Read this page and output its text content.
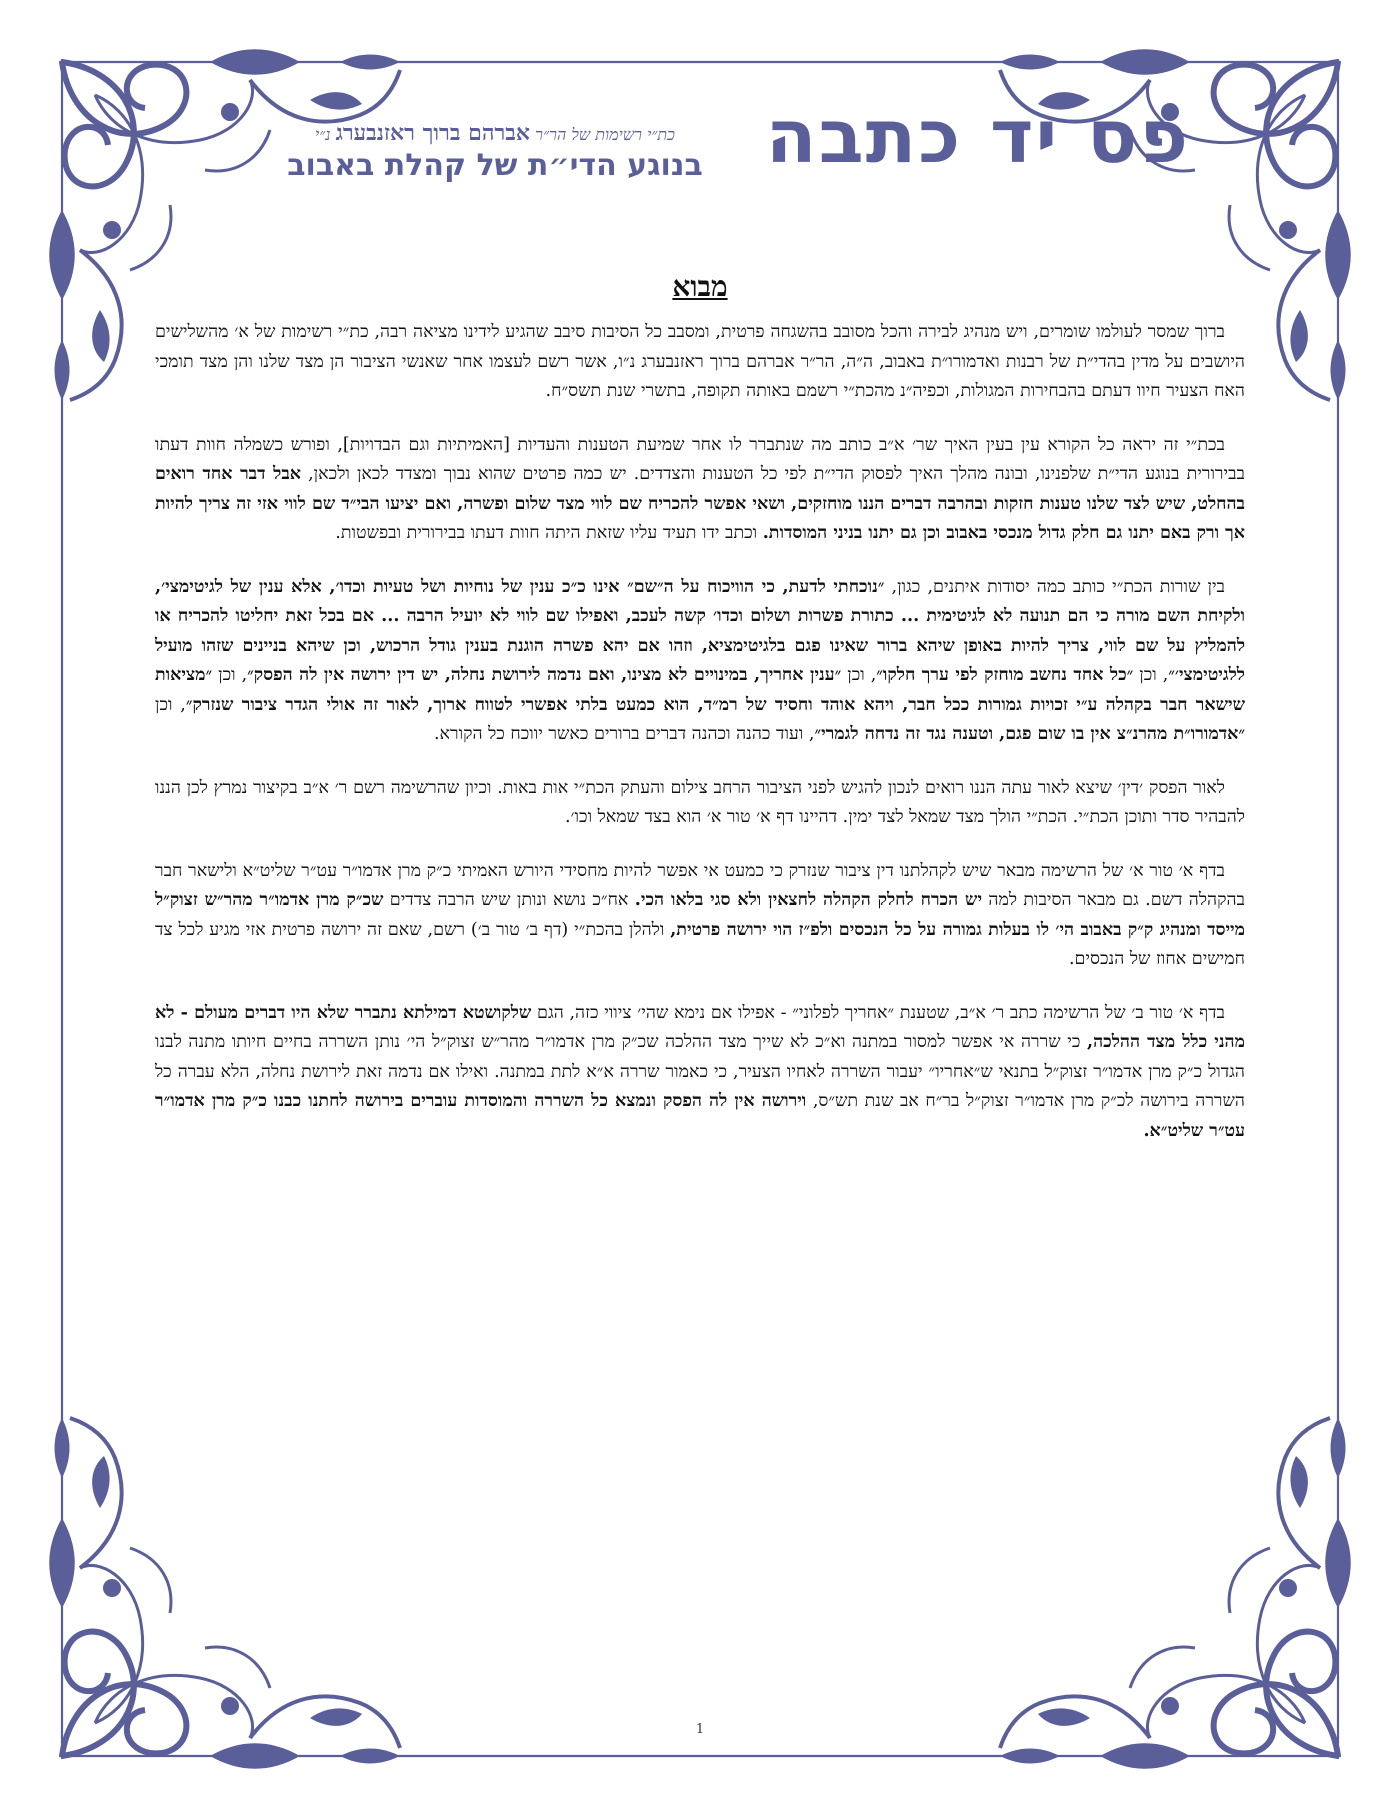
פס יד כתבה
כת״י רשימות של הר״ר אברהם ברוך ראזנבערג נ״י
בנוגע הדי״ת של קהלת באבוב
מבוא

ברוך שמסר לעולמו שומרים, ויש מנהיג לבירה והכל מסובב בהשגחה פרטית, ומסבב כל הסיבות סיבב שהגיע לידינו מציאה רבה, כת״י רשימות של א׳ מהשלישים היושבים על מדין בהדי״ת של רבנות ואדמורו״ת באבוב, ה״ה, הר״ר אברהם ברוך ראזנבערג נ״ו, אשר רשם לעצמו אחר שאנשי הציבור הן מצד שלנו והן מצד תומכי האח הצעיר חיוו דעתם בהבחירות המגולות, וכפיה״נ מהכת״י רשמם באותה תקופה, בתשרי שנת תשס״ח.

בכת״י זה יראה כל הקורא עין בעין האיך שר׳ א״ב כותב מה שנתברר לו אחר שמיעת הטענות והעדיות [האמיתיות וגם הבדויות], ופורש כשמלה חוות דעתו בבירורית בנוגע הדי״ת שלפנינו, ובונה מהלך האיך לפסוק הדי״ת לפי כל הטענות והצדדים. יש כמה פרטים שהוא נבוך ומצדד לכאן ולכאן, אבל דבר אחד רואים בהחלט, שיש לצד שלנו טענות חזקות ובהרבה דברים הננו מוחזקים, ושאי אפשר להכריח שם לווי מצד שלום ופשרה, ואם יציעו הבי״ד שם לווי אזי זה צריך להיות אך ורק באם יתנו גם חלק גדול מנכסי באבוב וכן גם יתנו בניני המוסדות. וכתב ידו תעיד עליו שזאת היתה חוות דעתו בבירורית ובפשטות.

בין שורות הכת״י כותב כמה יסודות איתנים, כגון, ״נוכחתי לדעת, כי הוויכוח על ה״שם״ אינו כ״כ ענין של נוחיות ושל טעיות וכדו׳, אלא ענין של לגיטימצי׳, ולקיחת השם מורה כי הם תנועה לא לגיטימית ... כתורת פשרות ושלום וכדו׳ קשה לעכב, ואפילו שם לווי לא יועיל הרבה ... אם בכל זאת יחליטו להכריח או להמליץ על שם לווי, צריך להיות באופן שיהא ברור שאינו פגם בלגיטימציא, וזהו אם יהא פשרה הוגנת בענין גודל הרכוש, וכן שיהא בניינים שזהו מועיל ללגיטימצי׳״, וכן ״כל אחד נחשב מוחזק לפי ערך חלקו״, וכן ״ענין אחריך, במינויים לא מצינו, ואם נדמה לירושת נחלה, יש דין ירושה אין לה הפסק״, וכן ״מציאות שישאר חבר בקהלה ע״י זכויות גמורות ככל חבר, ויהא אוהד וחסיד של רמ״ד, הוא כמעט בלתי אפשרי לטווח ארוך, לאור זה אולי הגדר ציבור שנזרק״, וכן ״אדמורו״ת מהרנ״צ אין בו שום פגם, וטענה נגד זה נדחה לגמרי״, ועוד כהנה וכהנה דברים ברורים כאשר יווכח כל הקורא.

לאור הפסק ׳דין׳ שיצא לאור עתה הננו רואים לנכון להגיש לפני הציבור הרחב צילום והעתק הכת״י אות באות. וכיון שהרשימה רשם ר׳ א״ב בקיצור נמרץ לכן הננו להבהיר סדר ותוכן הכת״י. הכת״י הולך מצד שמאל לצד ימין. דהיינו דף א׳ טור א׳ הוא בצד שמאל וכו׳.

בדף א׳ טור א׳ של הרשימה מבאר שיש לקהלתנו דין ציבור שנזרק כי כמעט אי אפשר להיות מחסידי היורש האמיתי כ״ק מרן אדמו״ר עט״ר שליט״א ולישאר חבר בהקהלה דשם. גם מבאר הסיבות למה יש הכרח לחלק הקהלה לחצאין ולא סגי בלאו הכי. אח״כ נושא ונותן שיש הרבה צדדים שכ״ק מרן אדמו״ר מהר״ש זצוק״ל מייסד ומנהיג ק״ק באבוב הי׳ לו בעלות גמורה על כל הנכסים ולפ״ז הוי ירושה פרטית, ולהלן בהכת״י (דף ב׳ טור ב׳) רשם, שאם זה ירושה פרטית אזי מגיע לכל צד חמישים אחוז של הנכסים.

בדף א׳ טור ב׳ של הרשימה כתב ר׳ א״ב, שטענת ״אחריך לפלוני״ - אפילו אם נימא שהי׳ ציווי כזה, הגם שלקושטא דמילתא נתברר שלא היו דברים מעולם - לא מהני כלל מצד ההלכה, כי שררה אי אפשר למסור במתנה וא״כ לא שייך מצד ההלכה שכ״ק מרן אדמו״ר מהר״ש זצוק״ל הי׳ נותן השררה בחיים חיותו מתנה לבנו הגדול כ״ק מרן אדמו״ר זצוק״ל בתנאי ש״אחריו״ יעבור השררה לאחיו הצעיר, כי כאמור שררה א״א לתת במתנה. ואילו אם נדמה זאת לירושת נחלה, הלא עברה כל השררה בירושה לכ״ק מרן אדמו״ר זצוק״ל בר״ח אב שנת תש״ס, וירושה אין לה הפסק ונמצא כל השררה והמוסדות עוברים בירושה לחתנו כבנו כ״ק מרן אדמו״ר עט״ר שליט״א.

1
